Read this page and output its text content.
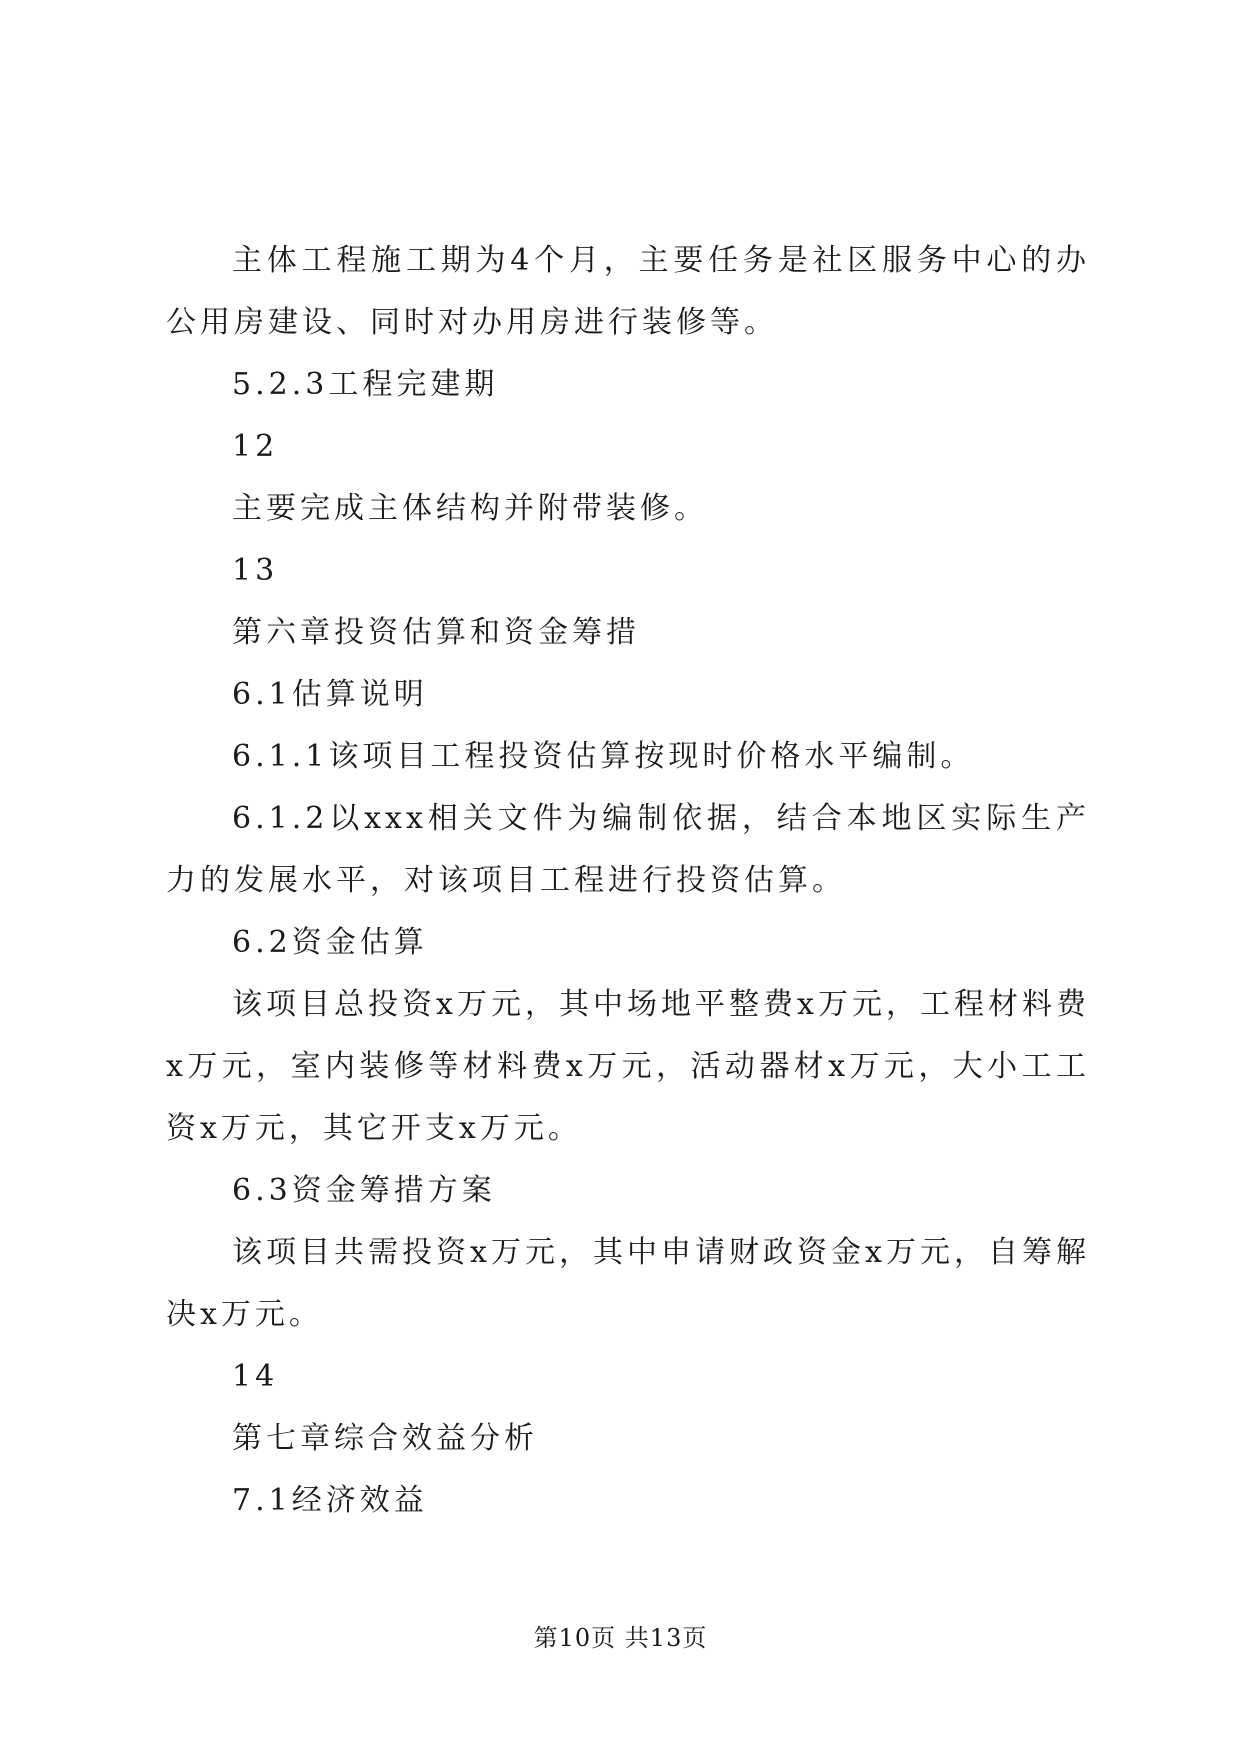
主体工程施工期为4个月，主要任务是社区服务中心的办公用房建设、同时对办用房进行装修等。

5.2.3工程完建期

12

主要完成主体结构并附带装修。

13

第六章投资估算和资金筹措

6.1估算说明

6.1.1该项目工程投资估算按现时价格水平编制。

6.1.2以xxx相关文件为编制依据，结合本地区实际生产力的发展水平，对该项目工程进行投资估算。

6.2资金估算

该项目总投资x万元，其中场地平整费x万元，工程材料费x万元，室内装修等材料费x万元，活动器材x万元，大小工工资x万元，其它开支x万元。

6.3资金筹措方案

该项目共需投资x万元，其中申请财政资金x万元，自筹解决x万元。

14

第七章综合效益分析

7.1经济效益

第10页 共13页
